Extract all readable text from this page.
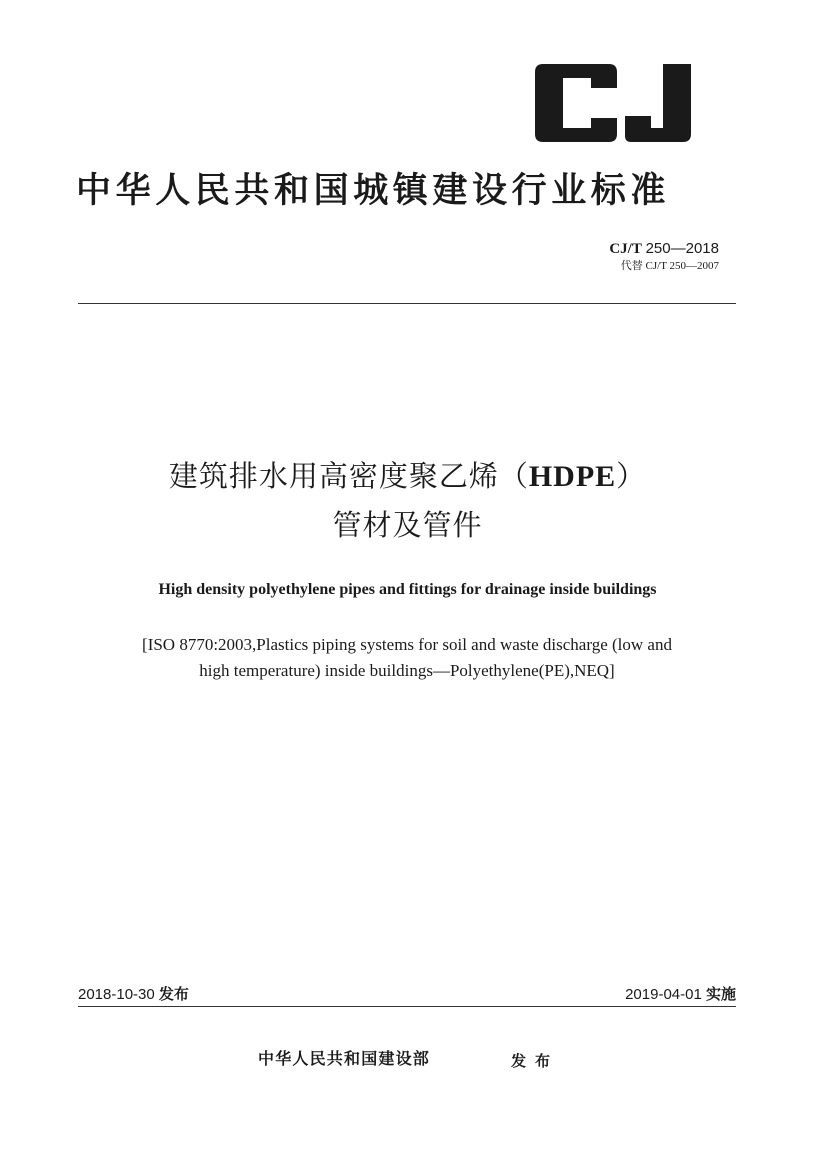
中华人民共和国城镇建设行业标准
CJ/T 250—2018
代替 CJ/T 250—2007
建筑排水用高密度聚乙烯（HDPE）
管材及管件
High density polyethylene pipes and fittings for drainage inside buildings
[ISO 8770:2003,Plastics piping systems for soil and waste discharge (low and
high temperature) inside buildings—Polyethylene(PE),NEQ]
2018-10-30 发布	2019-04-01 实施
中华人民共和国建设部	发布
